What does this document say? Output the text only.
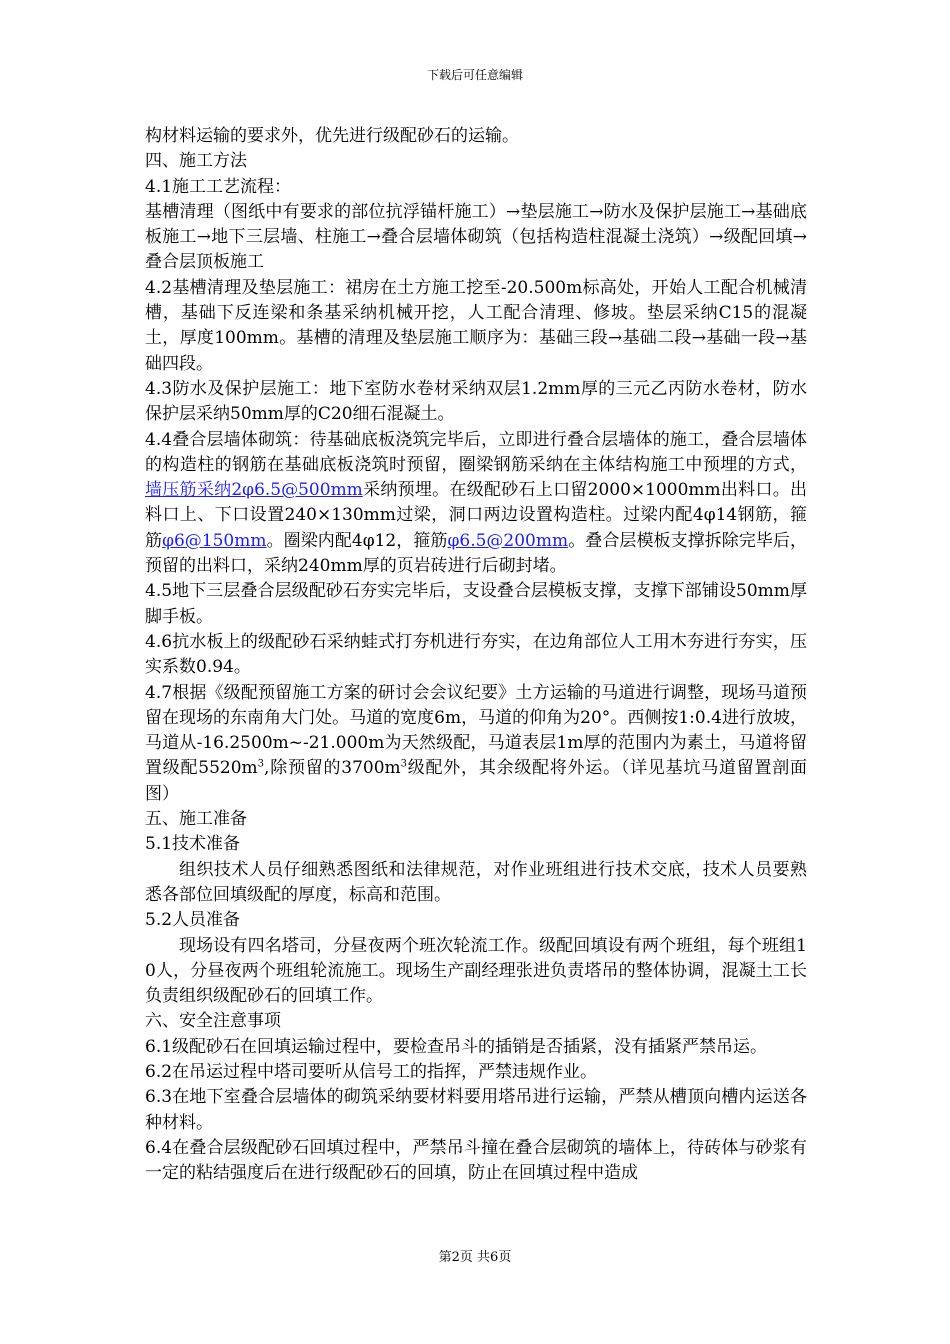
下载后可任意编辑

构材料运输的要求外，优先进行级配砂石的运输。

四、施工方法

4.1施工工艺流程：

基槽清理（图纸中有要求的部位抗浮锚杆施工）→垫层施工→防水及保护层施工→基础底板施工→地下三层墙、柱施工→叠合层墙体砌筑（包括构造柱混凝土浇筑）→级配回填→叠合层顶板施工

4.2基槽清理及垫层施工：裙房在土方施工挖至-20.500m标高处，开始人工配合机械清槽，基础下反连梁和条基采纳机械开挖，人工配合清理、修坡。垫层采纳C15的混凝土，厚度100mm。基槽的清理及垫层施工顺序为：基础三段→基础二段→基础一段→基础四段。

4.3防水及保护层施工：地下室防水卷材采纳双层1.2mm厚的三元乙丙防水卷材，防水保护层采纳50mm厚的C20细石混凝土。

4.4叠合层墙体砌筑：待基础底板浇筑完毕后，立即进行叠合层墙体的施工，叠合层墙体的构造柱的钢筋在基础底板浇筑时预留，圈梁钢筋采纳在主体结构施工中预埋的方式，墙压筋采纳2φ6.5@500mm采纳预埋。在级配砂石上口留2000×1000mm出料口。出料口上、下口设置240×130mm过梁，洞口两边设置构造柱。过梁内配4φ14钢筋，箍筋φ6@150mm。圈梁内配4φ12，箍筋φ6.5@200mm。叠合层模板支撑拆除完毕后，预留的出料口，采纳240mm厚的页岩砖进行后砌封堵。

4.5地下三层叠合层级配砂石夯实完毕后，支设叠合层模板支撑，支撑下部铺设50mm厚脚手板。

4.6抗水板上的级配砂石采纳蛙式打夯机进行夯实，在边角部位人工用木夯进行夯实，压实系数0.94。

4.7根据《级配预留施工方案的研讨会会议纪要》土方运输的马道进行调整，现场马道预留在现场的东南角大门处。马道的宽度6m，马道的仰角为20°。西侧按1:0.4进行放坡，马道从-16.2500m~-21.000m为天然级配，马道表层1m厚的范围内为素土，马道将留置级配$5520m^3$,除预留的$3700m^3$级配外，其余级配将外运。（详见基坑马道留置剖面图）

五、施工准备

5.1技术准备

组织技术人员仔细熟悉图纸和法律规范，对作业班组进行技术交底，技术人员要熟悉各部位回填级配的厚度，标高和范围。

5.2人员准备

现场设有四名塔司，分昼夜两个班次轮流工作。级配回填设有两个班组，每个班组10人，分昼夜两个班组轮流施工。现场生产副经理张进负责塔吊的整体协调，混凝土工长负责组织级配砂石的回填工作。

六、安全注意事项

6.1级配砂石在回填运输过程中，要检查吊斗的插销是否插紧，没有插紧严禁吊运。

6.2在吊运过程中塔司要听从信号工的指挥，严禁违规作业。

6.3在地下室叠合层墙体的砌筑采纳要材料要用塔吊进行运输，严禁从槽顶向槽内运送各种材料。

6.4在叠合层级配砂石回填过程中，严禁吊斗撞在叠合层砌筑的墙体上，待砖体与砂浆有一定的粘结强度后在进行级配砂石的回填，防止在回填过程中造成

第2页 共6页
